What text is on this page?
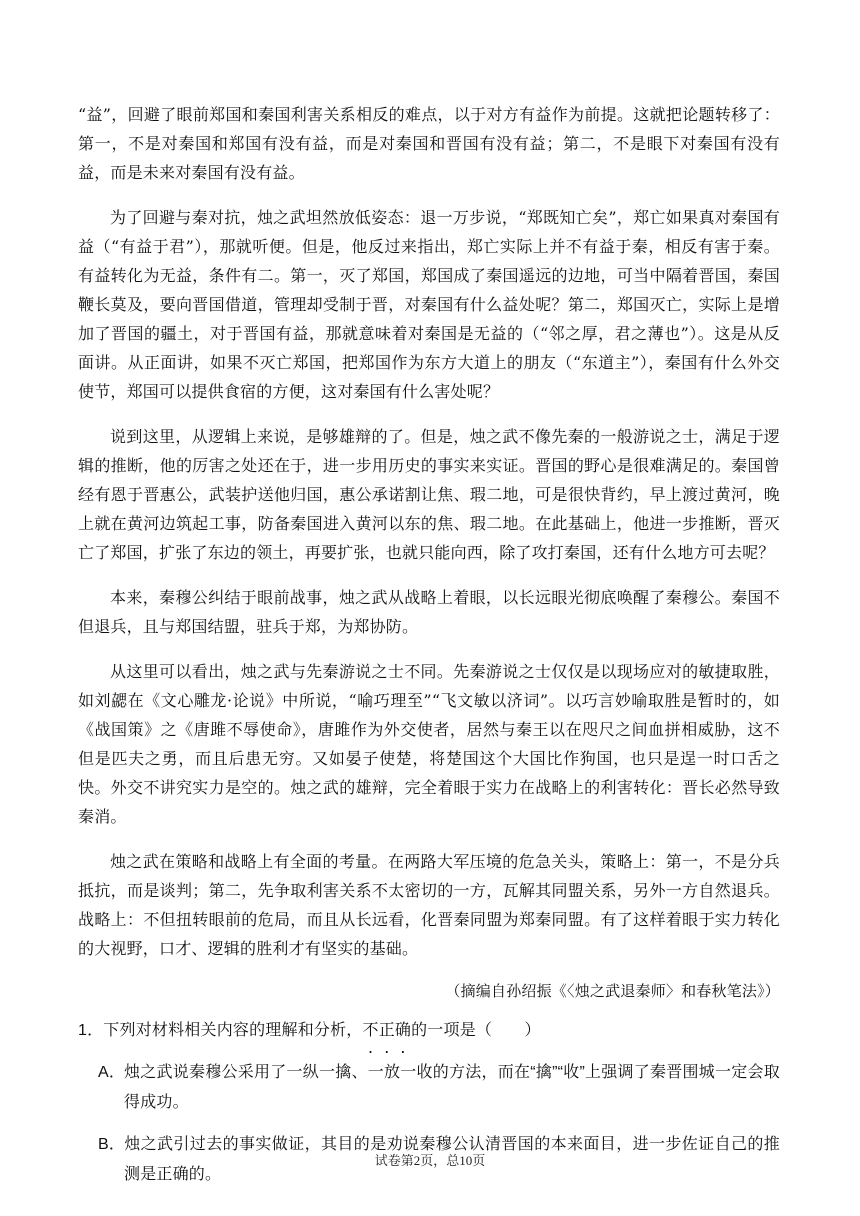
“益”，回避了眼前郑国和秦国利害关系相反的难点，以于对方有益作为前提。这就把论题转移了：第一，不是对秦国和郑国有没有益，而是对秦国和晋国有没有益；第二，不是眼下对秦国有没有益，而是未来对秦国有没有益。

为了回避与秦对抗，烛之武坦然放低姿态：退一万步说，“郑既知亡矣”，郑亡如果真对秦国有益（“有益于君”），那就听便。但是，他反过来指出，郑亡实际上并不有益于秦，相反有害于秦。有益转化为无益，条件有二。第一，灭了郑国，郑国成了秦国遥远的边地，可当中隔着晋国，秦国鞭长莫及，要向晋国借道，管理却受制于晋，对秦国有什么益处呢？第二，郑国灭亡，实际上是增加了晋国的疆土，对于晋国有益，那就意味着对秦国是无益的（“邻之厚，君之薄也”）。这是从反面讲。从正面讲，如果不灭亡郑国，把郑国作为东方大道上的朋友（“东道主”），秦国有什么外交使节，郑国可以提供食宿的方便，这对秦国有什么害处呢？

说到这里，从逻辑上来说，是够雄辩的了。但是，烛之武不像先秦的一般游说之士，满足于逻辑的推断，他的厉害之处还在于，进一步用历史的事实来实证。晋国的野心是很难满足的。秦国曾经有恩于晋惠公，武装护送他归国，惠公承诺割让焦、瑕二地，可是很快背约，早上渡过黄河，晚上就在黄河边筑起工事，防备秦国进入黄河以东的焦、瑕二地。在此基础上，他进一步推断，晋灭亡了郑国，扩张了东边的领土，再要扩张，也就只能向西，除了攻打秦国，还有什么地方可去呢？

本来，秦穆公纠结于眼前战事，烛之武从战略上着眼，以长远眼光彻底唤醒了秦穆公。秦国不但退兵，且与郑国结盟，驻兵于郑，为郑协防。

从这里可以看出，烛之武与先秦游说之士不同。先秦游说之士仅仅是以现场应对的敏捷取胜，如刘勰在《文心雕龙·论说》中所说，“喻巧理至”“飞文敏以济词”。以巧言妙喻取胜是暂时的，如《战国策》之《唐雎不辱使命》，唐雎作为外交使者，居然与秦王以在咫尺之间血拼相威胁，这不但是匹夫之勇，而且后患无穷。又如晏子使楚，将楚国这个大国比作狗国，也只是逞一时口舌之快。外交不讲究实力是空的。烛之武的雄辩，完全着眼于实力在战略上的利害转化：晋长必然导致秦消。

烛之武在策略和战略上有全面的考量。在两路大军压境的危急关头，策略上：第一，不是分兵抵抗，而是谈判；第二，先争取利害关系不太密切的一方，瓦解其同盟关系，另外一方自然退兵。战略上：不但扭转眼前的危局，而且从长远看，化晋秦同盟为郑秦同盟。有了这样着眼于实力转化的大视野，口才、逻辑的胜利才有坚实的基础。

（摘编自孙绍振《〈烛之武退秦师〉和春秋笔法》）
1．下列对材料相关内容的理解和分析，不正确的一项是（　　）
A．烛之武说秦穆公采用了一纵一擒、一放一收的方法，而在“擒”“收”上强调了秦晋围城一定会取得成功。
B．烛之武引过去的事实做证，其目的是劝说秦穆公认清晋国的本来面目，进一步佐证自己的推测是正确的。
试卷第2页，总10页
